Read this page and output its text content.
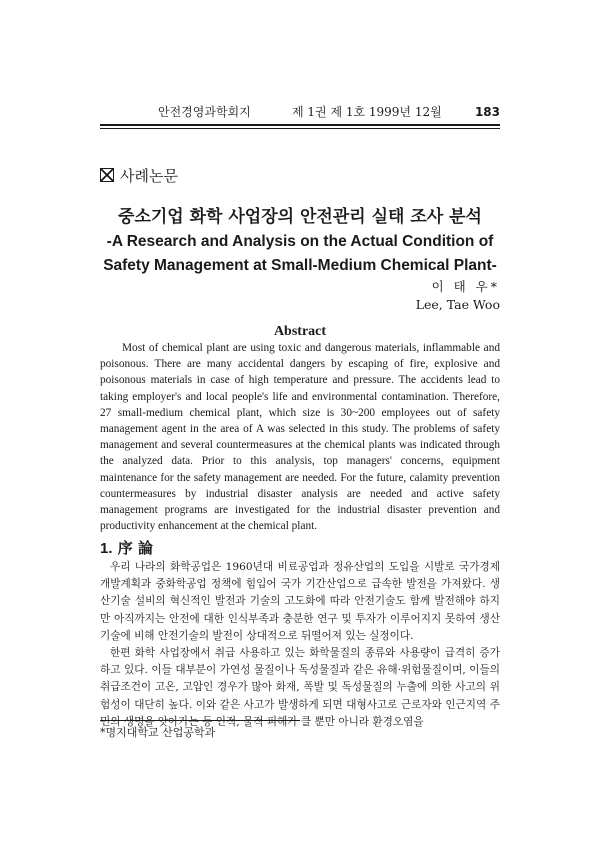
안전경영과학회지	제 1권 제 1호 1999년 12월	183
사례논문
중소기업 화학 사업장의 안전관리 실태 조사 분석
-A Research and Analysis on the Actual Condition of
Safety Management at Small-Medium Chemical Plant-
이 태 우*
Lee, Tae Woo
Abstract
Most of chemical plant are using toxic and dangerous materials, inflammable and poisonous. There are many accidental dangers by escaping of fire, explosive and poisonous materials in case of high temperature and pressure. The accidents lead to taking employer's and local people's life and environmental contamination. Therefore, 27 small-medium chemical plant, which size is 30~200 employees out of safety management agent in the area of A was selected in this study. The problems of safety management and several countermeasures at the chemical plants was indicated through the analyzed data. Prior to this analysis, top managers' concerns, equipment maintenance for the safety management are needed. For the future, calamity prevention countermeasures by industrial disaster analysis are needed and active safety management programs are investigated for the industrial disaster prevention and productivity enhancement at the chemical plant.
1. 序 論

우리 나라의 화학공업은 1960년대 비료공업과 정유산업의 도입을 시발로 국가경제 개발계획과 중화학공업 정책에 힘입어 국가 기간산업으로 급속한 발전을 가져왔다. 생산기술 설비의 혁신적인 발전과 기술의 고도화에 따라 안전기술도 함께 발전해야 하지만 아직까지는 안전에 대한 인식부족과 충분한 연구 및 투자가 이루어지지 못하여 생산기술에 비해 안전기술의 발전이 상대적으로 뒤떨어져 있는 실정이다.

한편 화학 사업장에서 취급 사용하고 있는 화학물질의 종류와 사용량이 급격히 증가하고 있다. 이들 대부분이 가연성 물질이나 독성물질과 같은 유해·위험물질이며, 이들의 취급조건이 고온, 고압인 경우가 많아 화재, 폭발 및 독성물질의 누출에 의한 사고의 위험성이 대단히 높다. 이와 같은 사고가 발생하게 되면 대형사고로 근로자와 인근지역 주민의 생명을 앗아가는 등 인적, 물적 피해가 클 뿐만 아니라 환경오염을

*명지대학교 산업공학과
